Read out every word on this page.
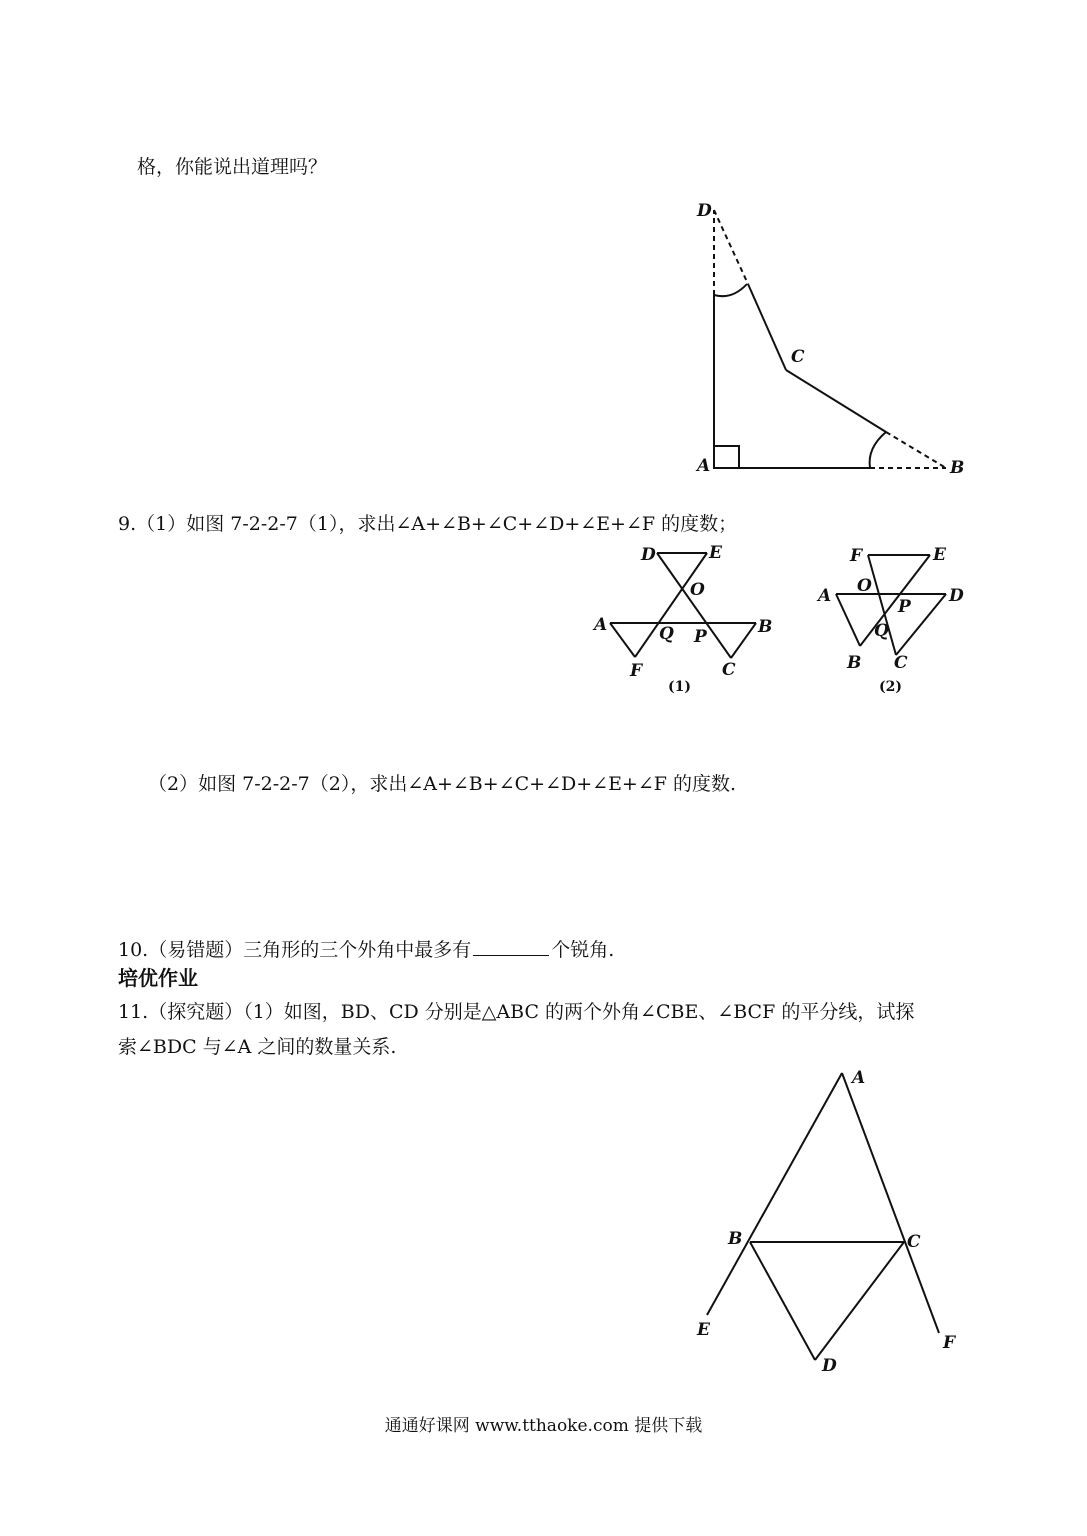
格，你能说出道理吗？
9.（1）如图 7-2-2-7（1），求出∠A+∠B+∠C+∠D+∠E+∠F 的度数；
（2）如图 7-2-2-7（2），求出∠A+∠B+∠C+∠D+∠E+∠F 的度数.
10.（易错题）三角形的三个外角中最多有	个锐角.
培优作业
11.（探究题）（1）如图，BD、CD 分别是△ABC 的两个外角∠CBE、∠BCF 的平分线，试探
索∠BDC 与∠A 之间的数量关系.
通通好课网 www.tthaoke.com 提供下载
D
C
A	B
D	E
O
A	Q P	B
F	C
(1)
F	E
O
A
P
D
Q
B C
(2)
A
B	C
E
D
F
